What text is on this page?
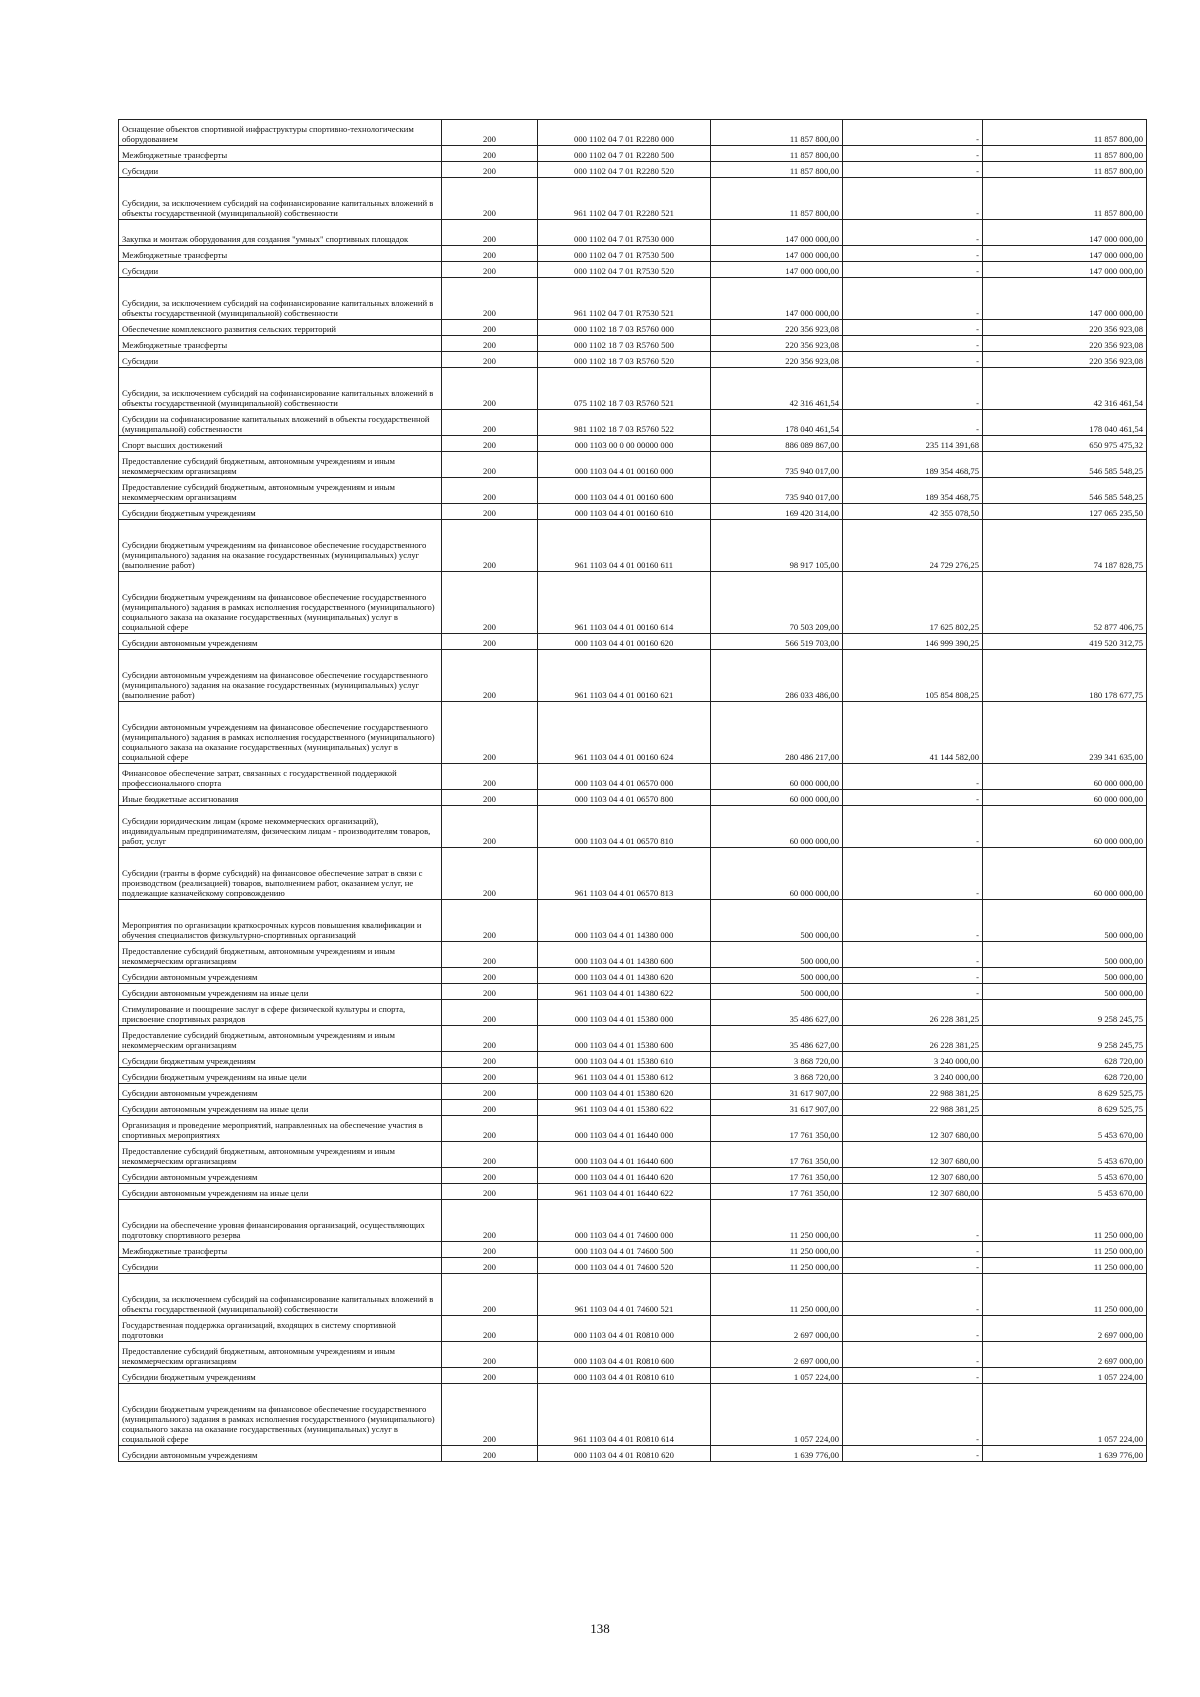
Оснащение объектов спортивной инфраструктуры спортивно-технологическим оборудованием	200	000 1102 04 7 01 R2280 000	11 857 800,00	-	11 857 800,00
Межбюджетные трансферты	200	000 1102 04 7 01 R2280 500	11 857 800,00	-	11 857 800,00
Субсидии	200	000 1102 04 7 01 R2280 520	11 857 800,00	-	11 857 800,00
Субсидии, за исключением субсидий на софинансирование капитальных вложений в объекты государственной (муниципальной) собственности	200	961 1102 04 7 01 R2280 521	11 857 800,00	-	11 857 800,00
Закупка и монтаж оборудования для создания "умных" спортивных площадок	200	000 1102 04 7 01 R7530 000	147 000 000,00	-	147 000 000,00
Межбюджетные трансферты	200	000 1102 04 7 01 R7530 500	147 000 000,00	-	147 000 000,00
Субсидии	200	000 1102 04 7 01 R7530 520	147 000 000,00	-	147 000 000,00
Субсидии, за исключением субсидий на софинансирование капитальных вложений в объекты государственной (муниципальной) собственности	200	961 1102 04 7 01 R7530 521	147 000 000,00	-	147 000 000,00
Обеспечение комплексного развития сельских территорий	200	000 1102 18 7 03 R5760 000	220 356 923,08	-	220 356 923,08
Межбюджетные трансферты	200	000 1102 18 7 03 R5760 500	220 356 923,08	-	220 356 923,08
Субсидии	200	000 1102 18 7 03 R5760 520	220 356 923,08	-	220 356 923,08
Субсидии, за исключением субсидий на софинансирование капитальных вложений в объекты государственной (муниципальной) собственности	200	075 1102 18 7 03 R5760 521	42 316 461,54	-	42 316 461,54
Субсидии на софинансирование капитальных вложений в объекты государственной (муниципальной) собственности	200	981 1102 18 7 03 R5760 522	178 040 461,54	-	178 040 461,54
Спорт высших достижений	200	000 1103 00 0 00 00000 000	886 089 867,00	235 114 391,68	650 975 475,32
Предоставление субсидий бюджетным, автономным учреждениям и иным некоммерческим организациям	200	000 1103 04 4 01 00160 000	735 940 017,00	189 354 468,75	546 585 548,25
Предоставление субсидий бюджетным, автономным учреждениям и иным некоммерческим организациям	200	000 1103 04 4 01 00160 600	735 940 017,00	189 354 468,75	546 585 548,25
Субсидии бюджетным учреждениям	200	000 1103 04 4 01 00160 610	169 420 314,00	42 355 078,50	127 065 235,50
Субсидии бюджетным учреждениям на финансовое обеспечение государственного (муниципального) задания на оказание государственных (муниципальных) услуг (выполнение работ)	200	961 1103 04 4 01 00160 611	98 917 105,00	24 729 276,25	74 187 828,75
Субсидии бюджетным учреждениям на финансовое обеспечение государственного (муниципального) задания в рамках исполнения государственного (муниципального) социального заказа на оказание государственных (муниципальных) услуг в социальной сфере	200	961 1103 04 4 01 00160 614	70 503 209,00	17 625 802,25	52 877 406,75
Субсидии автономным учреждениям	200	000 1103 04 4 01 00160 620	566 519 703,00	146 999 390,25	419 520 312,75
Субсидии автономным учреждениям на финансовое обеспечение государственного (муниципального) задания на оказание государственных (муниципальных) услуг (выполнение работ)	200	961 1103 04 4 01 00160 621	286 033 486,00	105 854 808,25	180 178 677,75
Субсидии автономным учреждениям на финансовое обеспечение государственного (муниципального) задания в рамках исполнения государственного (муниципального) социального заказа на оказание государственных (муниципальных) услуг в социальной сфере	200	961 1103 04 4 01 00160 624	280 486 217,00	41 144 582,00	239 341 635,00
Финансовое обеспечение затрат, связанных с государственной поддержкой профессионального спорта	200	000 1103 04 4 01 06570 000	60 000 000,00	-	60 000 000,00
Иные бюджетные ассигнования	200	000 1103 04 4 01 06570 800	60 000 000,00	-	60 000 000,00
Субсидии юридическим лицам (кроме некоммерческих организаций), индивидуальным предпринимателям, физическим лицам - производителям товаров, работ, услуг	200	000 1103 04 4 01 06570 810	60 000 000,00	-	60 000 000,00
Субсидии (гранты в форме субсидий) на финансовое обеспечение затрат в связи с производством (реализацией) товаров, выполнением работ, оказанием услуг, не подлежащие казначейскому сопровождению	200	961 1103 04 4 01 06570 813	60 000 000,00	-	60 000 000,00
Мероприятия по организации краткосрочных курсов повышения квалификации и обучения специалистов физкультурно-спортивных организаций	200	000 1103 04 4 01 14380 000	500 000,00	-	500 000,00
Предоставление субсидий бюджетным, автономным учреждениям и иным некоммерческим организациям	200	000 1103 04 4 01 14380 600	500 000,00	-	500 000,00
Субсидии автономным учреждениям	200	000 1103 04 4 01 14380 620	500 000,00	-	500 000,00
Субсидии автономным учреждениям на иные цели	200	961 1103 04 4 01 14380 622	500 000,00	-	500 000,00
Стимулирование и поощрение заслуг в сфере физической культуры и спорта, присвоение спортивных разрядов	200	000 1103 04 4 01 15380 000	35 486 627,00	26 228 381,25	9 258 245,75
Предоставление субсидий бюджетным, автономным учреждениям и иным некоммерческим организациям	200	000 1103 04 4 01 15380 600	35 486 627,00	26 228 381,25	9 258 245,75
Субсидии бюджетным учреждениям	200	000 1103 04 4 01 15380 610	3 868 720,00	3 240 000,00	628 720,00
Субсидии бюджетным учреждениям на иные цели	200	961 1103 04 4 01 15380 612	3 868 720,00	3 240 000,00	628 720,00
Субсидии автономным учреждениям	200	000 1103 04 4 01 15380 620	31 617 907,00	22 988 381,25	8 629 525,75
Субсидии автономным учреждениям на иные цели	200	961 1103 04 4 01 15380 622	31 617 907,00	22 988 381,25	8 629 525,75
Организация и проведение мероприятий, направленных на обеспечение участия в спортивных мероприятиях	200	000 1103 04 4 01 16440 000	17 761 350,00	12 307 680,00	5 453 670,00
Предоставление субсидий бюджетным, автономным учреждениям и иным некоммерческим организациям	200	000 1103 04 4 01 16440 600	17 761 350,00	12 307 680,00	5 453 670,00
Субсидии автономным учреждениям	200	000 1103 04 4 01 16440 620	17 761 350,00	12 307 680,00	5 453 670,00
Субсидии автономным учреждениям на иные цели	200	961 1103 04 4 01 16440 622	17 761 350,00	12 307 680,00	5 453 670,00
Субсидии на обеспечение уровня финансирования организаций, осуществляющих подготовку спортивного резерва	200	000 1103 04 4 01 74600 000	11 250 000,00	-	11 250 000,00
Межбюджетные трансферты	200	000 1103 04 4 01 74600 500	11 250 000,00	-	11 250 000,00
Субсидии	200	000 1103 04 4 01 74600 520	11 250 000,00	-	11 250 000,00
Субсидии, за исключением субсидий на софинансирование капитальных вложений в объекты государственной (муниципальной) собственности	200	961 1103 04 4 01 74600 521	11 250 000,00	-	11 250 000,00
Государственная поддержка организаций, входящих в систему спортивной подготовки	200	000 1103 04 4 01 R0810 000	2 697 000,00	-	2 697 000,00
Предоставление субсидий бюджетным, автономным учреждениям и иным некоммерческим организациям	200	000 1103 04 4 01 R0810 600	2 697 000,00	-	2 697 000,00
Субсидии бюджетным учреждениям	200	000 1103 04 4 01 R0810 610	1 057 224,00	-	1 057 224,00
Субсидии бюджетным учреждениям на финансовое обеспечение государственного (муниципального) задания в рамках исполнения государственного (муниципального) социального заказа на оказание государственных (муниципальных) услуг в социальной сфере	200	961 1103 04 4 01 R0810 614	1 057 224,00	-	1 057 224,00
Субсидии автономным учреждениям	200	000 1103 04 4 01 R0810 620	1 639 776,00	-	1 639 776,00
138
